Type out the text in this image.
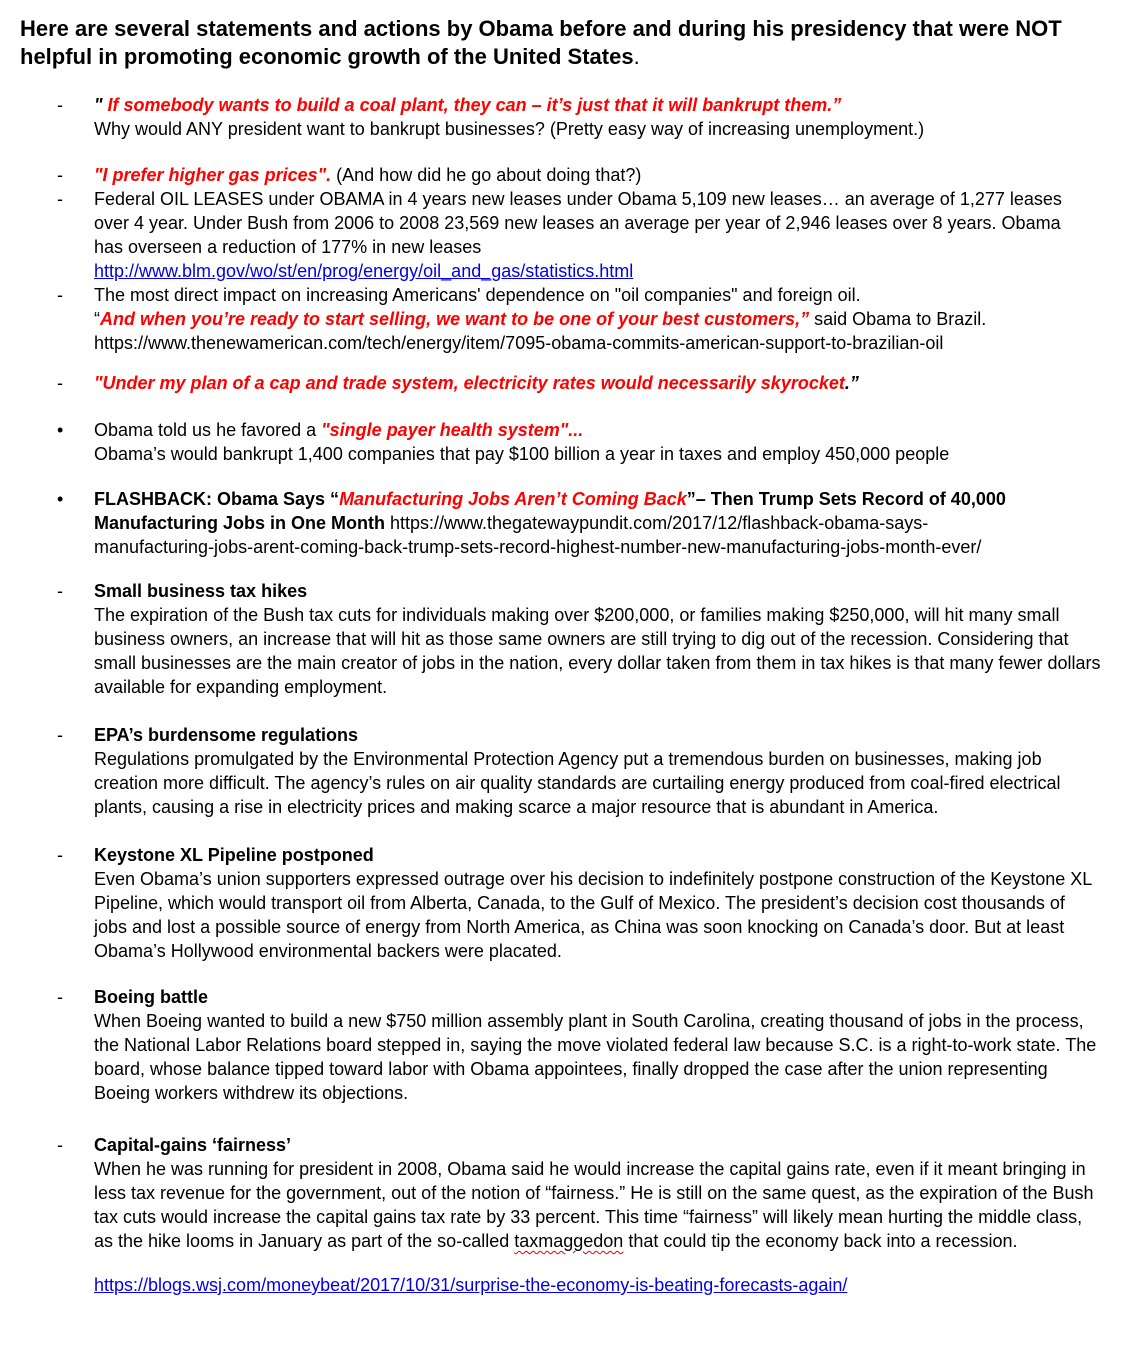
Here are several statements and actions by Obama before and during his presidency that were NOT helpful in promoting economic growth of the United States.
- " If somebody wants to build a coal plant, they can – it’s just that it will bankrupt them.”
Why would ANY president want to bankrupt businesses? (Pretty easy way of increasing unemployment.)
- "I prefer higher gas prices". (And how did he go about doing that?)
- Federal OIL LEASES under OBAMA in 4 years new leases under Obama 5,109 new leases… an average of 1,277 leases over 4 year. Under Bush from 2006 to 2008 23,569 new leases an average per year of 2,946 leases over 8 years. Obama has overseen a reduction of 177% in new leases
http://www.blm.gov/wo/st/en/prog/energy/oil_and_gas/statistics.html
- The most direct impact on increasing Americans' dependence on "oil companies" and foreign oil.
“And when you’re ready to start selling, we want to be one of your best customers,” said Obama to Brazil.
https://www.thenewamerican.com/tech/energy/item/7095-obama-commits-american-support-to-brazilian-oil
- "Under my plan of a cap and trade system, electricity rates would necessarily skyrocket.”
• Obama told us he favored a "single payer health system"...
Obama’s would bankrupt 1,400 companies that pay $100 billion a year in taxes and employ 450,000 people
• FLASHBACK: Obama Says “Manufacturing Jobs Aren’t Coming Back”– Then Trump Sets Record of 40,000 Manufacturing Jobs in One Month https://www.thegatewaypundit.com/2017/12/flashback-obama-says-manufacturing-jobs-arent-coming-back-trump-sets-record-highest-number-new-manufacturing-jobs-month-ever/
- Small business tax hikes
The expiration of the Bush tax cuts for individuals making over $200,000, or families making $250,000, will hit many small business owners, an increase that will hit as those same owners are still trying to dig out of the recession. Considering that small businesses are the main creator of jobs in the nation, every dollar taken from them in tax hikes is that many fewer dollars available for expanding employment.
- EPA’s burdensome regulations
Regulations promulgated by the Environmental Protection Agency put a tremendous burden on businesses, making job creation more difficult. The agency’s rules on air quality standards are curtailing energy produced from coal-fired electrical plants, causing a rise in electricity prices and making scarce a major resource that is abundant in America.
- Keystone XL Pipeline postponed
Even Obama’s union supporters expressed outrage over his decision to indefinitely postpone construction of the Keystone XL Pipeline, which would transport oil from Alberta, Canada, to the Gulf of Mexico. The president’s decision cost thousands of jobs and lost a possible source of energy from North America, as China was soon knocking on Canada’s door. But at least Obama’s Hollywood environmental backers were placated.
- Boeing battle
When Boeing wanted to build a new $750 million assembly plant in South Carolina, creating thousand of jobs in the process, the National Labor Relations board stepped in, saying the move violated federal law because S.C. is a right-to-work state. The board, whose balance tipped toward labor with Obama appointees, finally dropped the case after the union representing Boeing workers withdrew its objections.
- Capital-gains ‘fairness’
When he was running for president in 2008, Obama said he would increase the capital gains rate, even if it meant bringing in less tax revenue for the government, out of the notion of “fairness.” He is still on the same quest, as the expiration of the Bush tax cuts would increase the capital gains tax rate by 33 percent. This time “fairness” will likely mean hurting the middle class, as the hike looms in January as part of the so-called taxmaggedon that could tip the economy back into a recession.
https://blogs.wsj.com/moneybeat/2017/10/31/surprise-the-economy-is-beating-forecasts-again/
